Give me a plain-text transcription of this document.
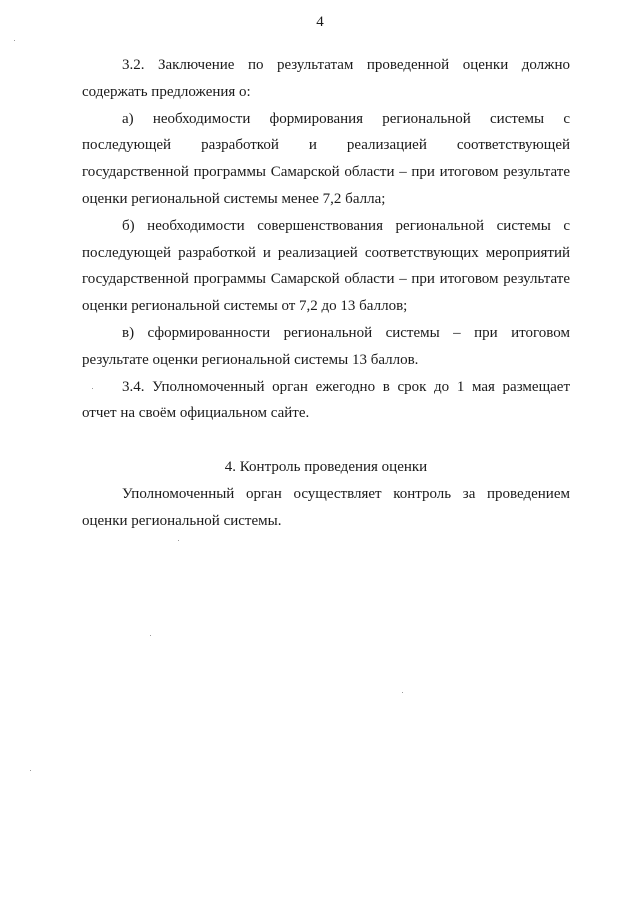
4

3.2. Заключение по результатам проведенной оценки должно содержать предложения о:

а) необходимости формирования региональной системы с последующей разработкой и реализацией соответствующей государственной программы Самарской области – при итоговом результате оценки региональной системы менее 7,2 балла;

б) необходимости совершенствования региональной системы с последующей разработкой и реализацией соответствующих мероприятий государственной программы Самарской области – при итоговом результате оценки региональной системы от 7,2 до 13 баллов;

в) сформированности региональной системы – при итоговом результате оценки региональной системы 13 баллов.

3.4. Уполномоченный орган ежегодно в срок до 1 мая размещает отчет на своём официальном сайте.

4. Контроль проведения оценки

Уполномоченный орган осуществляет контроль за проведением оценки региональной системы.
